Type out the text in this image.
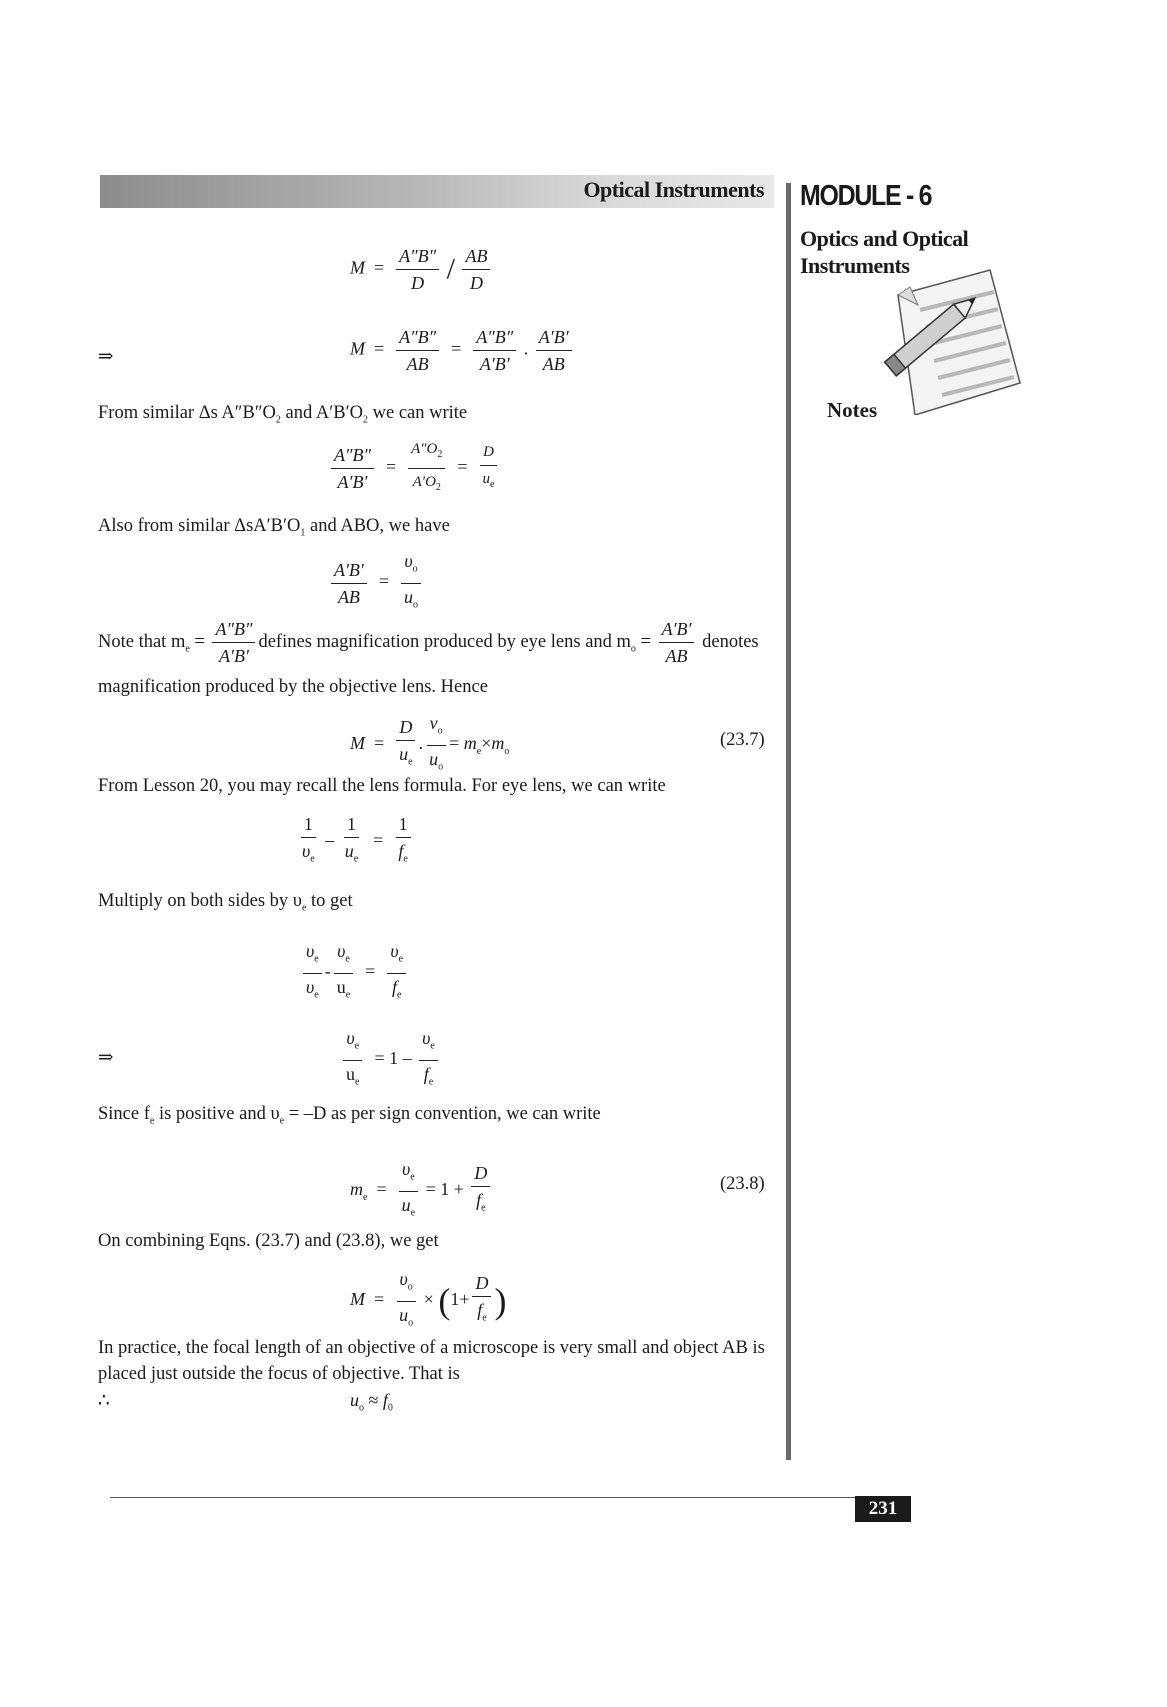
Optical Instruments MODULE - 6
Optics and Optical
Instruments
Notes
$M = \frac{A''B''}{D} / \frac{AB}{D}$
⇒	$M = \frac{A''B''}{AB} = \frac{A''B''}{A'B'}$ . $\frac{A'B'}{AB}$
From similar Δs $A''B''O_2$ and $A'B'O_2$ we can write
$\frac{A''B''}{A'B'} = \frac{A''O_2}{A'O_2} = \frac{D}{u_e}$
Also from similar $\Delta sA'B'O_1$ and ABO, we have
$\frac{A'B'}{AB} = \frac{\upsilon_o}{u_o}$
Note that $m_e = \frac{A''B''}{A'B'}$ defines magnification produced by eye lens and $m_o = \frac{A'B'}{AB}$ denotes
magnification produced by the objective lens. Hence
$M = \frac{D}{u_e}$ . $\frac{v_o}{u_o} = m_e\times m_o$
(23.7)
From Lesson 20, you may recall the lens formula. For eye lens, we can write
$\frac{1}{\upsilon_e} - \frac{1}{u_e} = \frac{1}{f_e}$
Multiply on both sides by $\upsilon_e$ to get
$\frac{\upsilon_e}{\upsilon_e} - \frac{\upsilon_e}{u_e} = \frac{\upsilon_e}{f_e}$
⇒	$\frac{\upsilon_e}{u_e} = 1 - \frac{\upsilon_e}{f_e}$
Since $f_e$ is positive and $\upsilon_e = -D$ as per sign convention, we can write
$m_e = \frac{\upsilon_e}{u_e} = 1 + \frac{D}{f_e}$	(23.8)
On combining Eqns. (23.7) and (23.8), we get
$M = \frac{\upsilon_o}{u_o} \times (1+ \frac{D}{f_e}$ )
In practice, the focal length of an objective of a microscope is very small and object AB is
placed just outside the focus of objective. That is
∴	$u_o \approx f_0$
231
